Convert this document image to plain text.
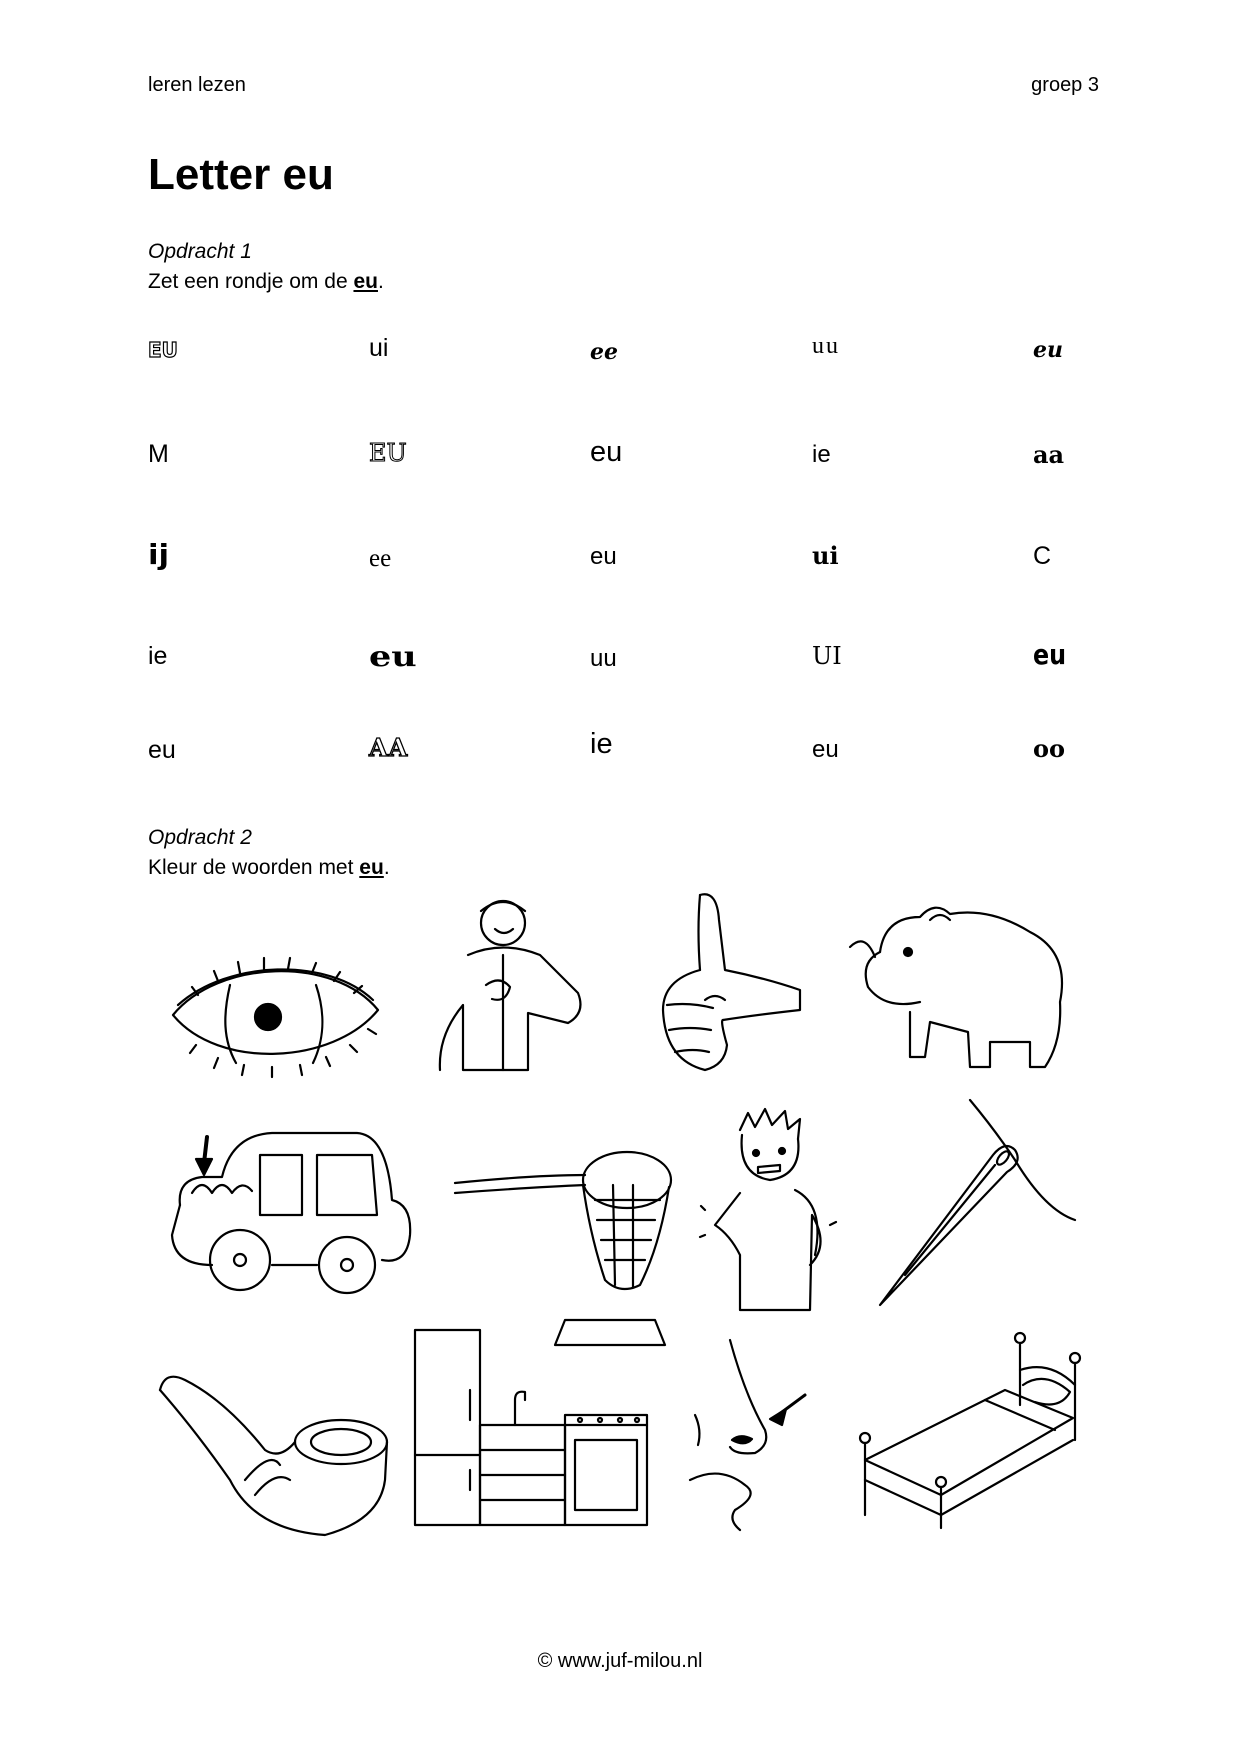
leren lezen	groep 3
Letter eu
Opdracht 1
Zet een rondje om de eu.
EU	ui	ee	uu	eu
M	EU	eu	ie	aa
ij	ee	eu	ui	C
ie	eu	uu	UI	eu
eu	AA	ie	eu	oo
Opdracht 2
Kleur de woorden met eu.
© www.juf-milou.nl
